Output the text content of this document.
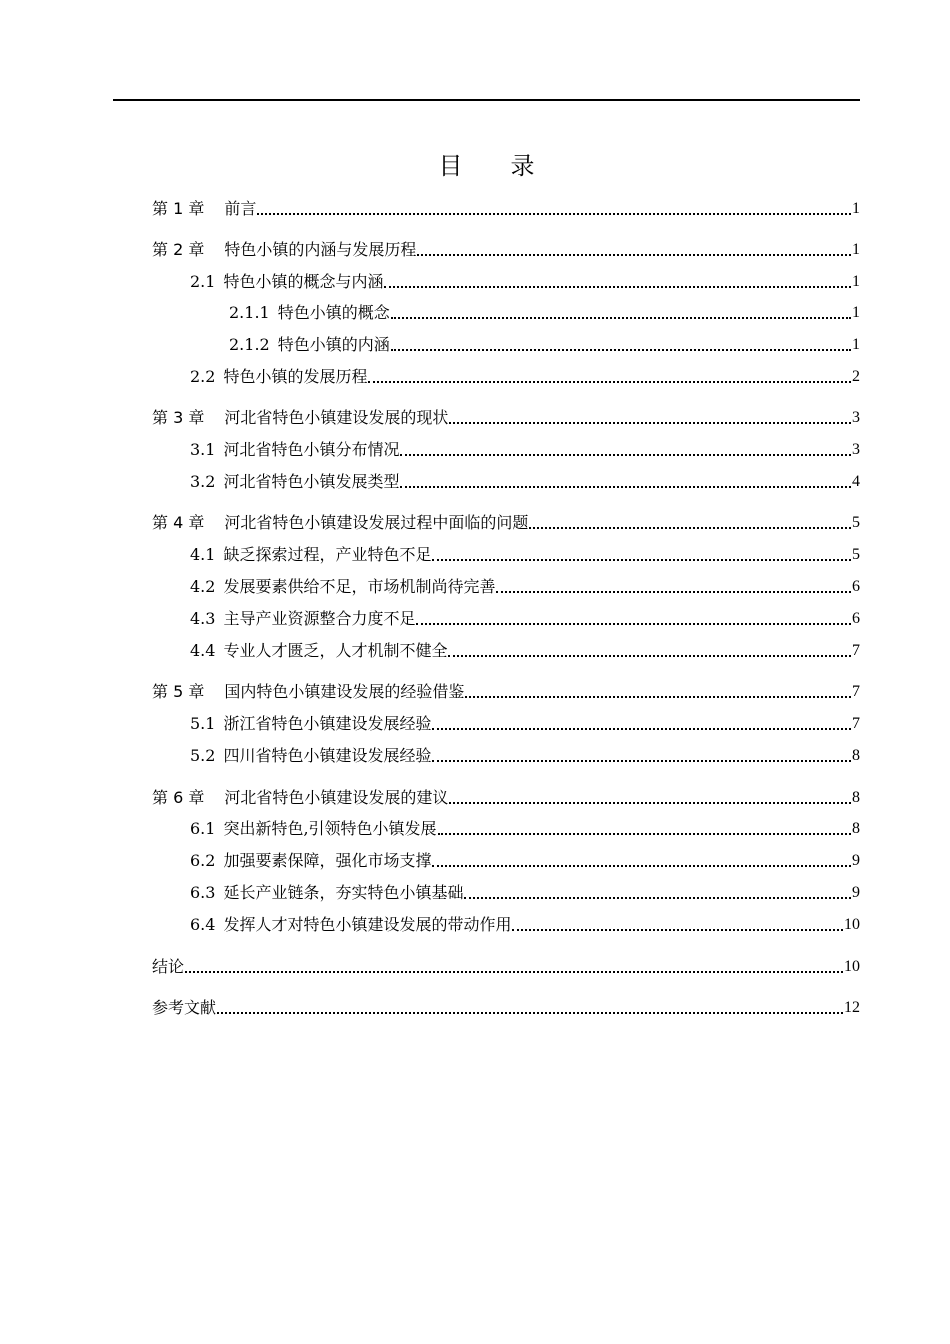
目 录
第 1 章	前言	1
第 2 章	特色小镇的内涵与发展历程	1
2.1 特色小镇的概念与内涵	1
2.1.1 特色小镇的概念	1
2.1.2 特色小镇的内涵	1
2.2 特色小镇的发展历程	2
第 3 章	河北省特色小镇建设发展的现状	3
3.1 河北省特色小镇分布情况	3
3.2 河北省特色小镇发展类型	4
第 4 章	河北省特色小镇建设发展过程中面临的问题	5
4.1 缺乏探索过程，产业特色不足	5
4.2 发展要素供给不足，市场机制尚待完善	6
4.3 主导产业资源整合力度不足	6
4.4 专业人才匮乏，人才机制不健全	7
第 5 章	国内特色小镇建设发展的经验借鉴	7
5.1 浙江省特色小镇建设发展经验	7
5.2 四川省特色小镇建设发展经验	8
第 6 章	河北省特色小镇建设发展的建议	8
6.1 突出新特色,引领特色小镇发展	8
6.2 加强要素保障，强化市场支撑	9
6.3 延长产业链条，夯实特色小镇基础	9
6.4 发挥人才对特色小镇建设发展的带动作用	10
结论	10
参考文献	12
